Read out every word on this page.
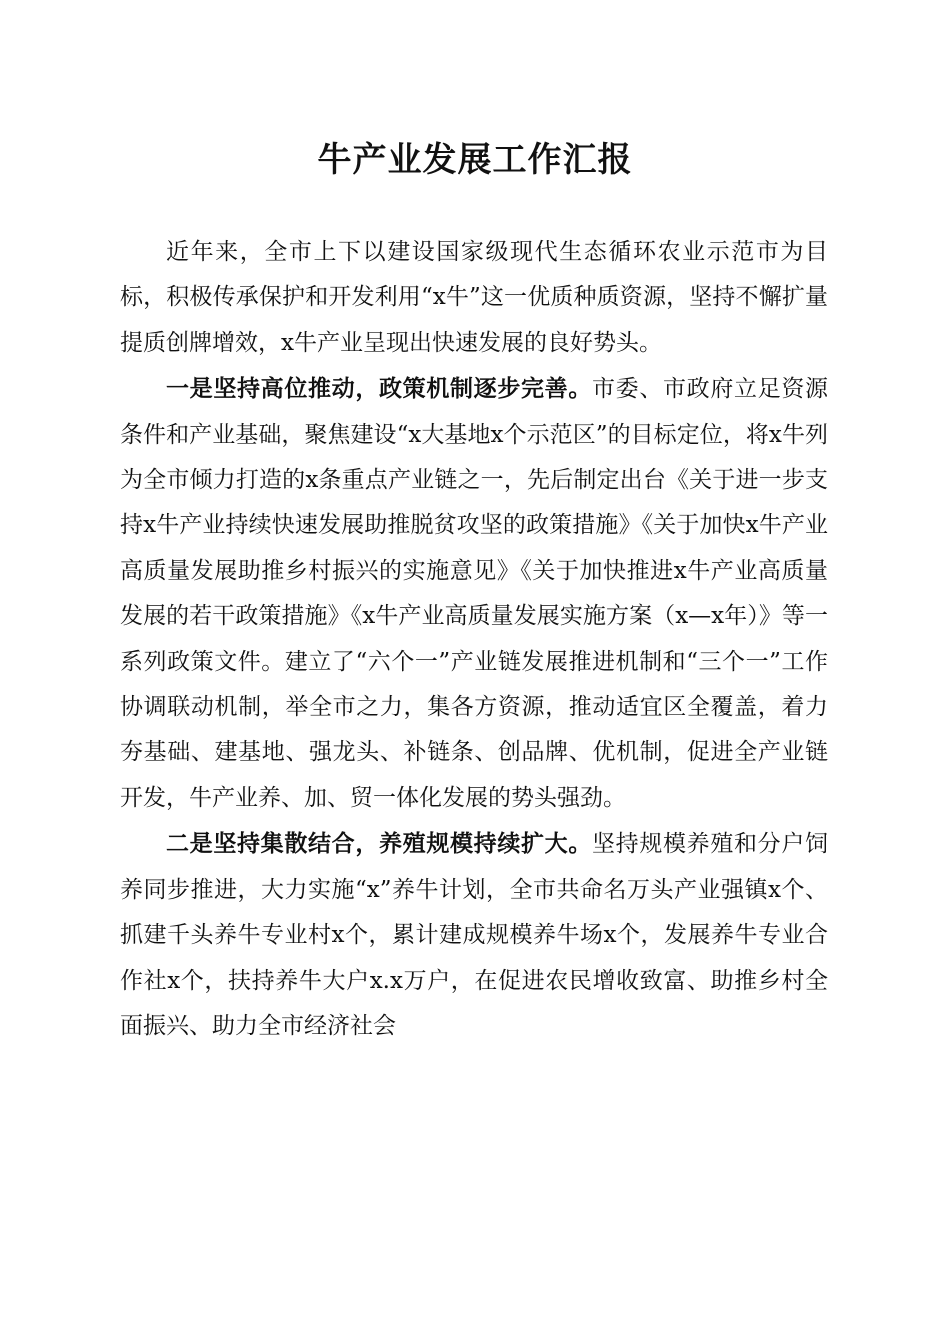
牛产业发展工作汇报

近年来，全市上下以建设国家级现代生态循环农业示范市为目标，积极传承保护和开发利用“x牛”这一优质种质资源，坚持不懈扩量提质创牌增效，x牛产业呈现出快速发展的良好势头。

一是坚持高位推动，政策机制逐步完善。市委、市政府立足资源条件和产业基础，聚焦建设“x大基地x个示范区”的目标定位，将x牛列为全市倾力打造的x条重点产业链之一，先后制定出台《关于进一步支持x牛产业持续快速发展助推脱贫攻坚的政策措施》《关于加快x牛产业高质量发展助推乡村振兴的实施意见》《关于加快推进x牛产业高质量发展的若干政策措施》《x牛产业高质量发展实施方案（x—x年）》等一系列政策文件。建立了“六个一”产业链发展推进机制和“三个一”工作协调联动机制，举全市之力，集各方资源，推动适宜区全覆盖，着力夯基础、建基地、强龙头、补链条、创品牌、优机制，促进全产业链开发，牛产业养、加、贸一体化发展的势头强劲。

二是坚持集散结合，养殖规模持续扩大。坚持规模养殖和分户饲养同步推进，大力实施“x”养牛计划，全市共命名万头产业强镇x个、抓建千头养牛专业村x个，累计建成规模养牛场x个，发展养牛专业合作社x个，扶持养牛大户x.x万户，在促进农民增收致富、助推乡村全面振兴、助力全市经济社会
